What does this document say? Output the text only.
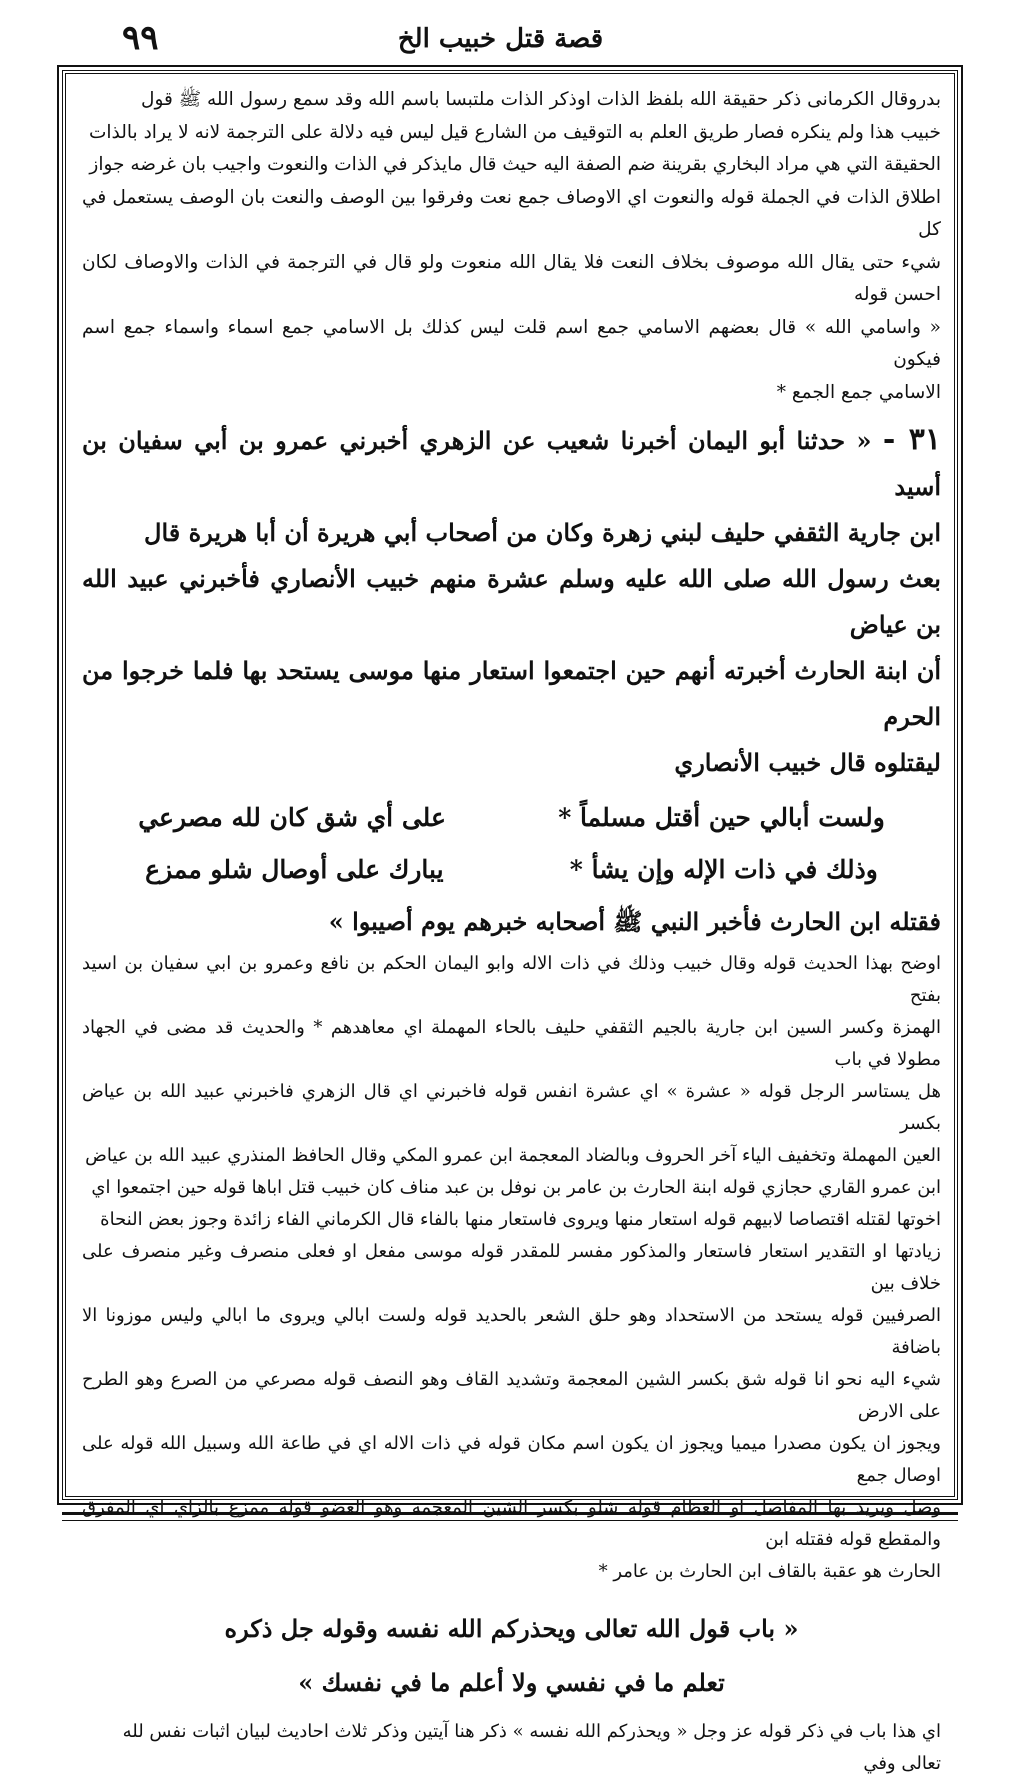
۹۹	قصة قتل خبيب الخ

بدروقال الكرمانی ذكر حقيقة الله بلفظ الذات اوذكر الذات ملتبسا باسم الله وقد سمع رسول الله ﷺ قول

خبيب هذا ولم ينكره فصار طريق العلم به التوقيف من الشارع قيل ليس فيه دلالة على الترجمة لانه لا يراد بالذات

الحقيقة التي هي مراد البخاري بقرينة ضم الصفة اليه حيث قال مايذكر في الذات والنعوت واجيب بان غرضه جواز

اطلاق الذات في الجملة قوله والنعوت اي الاوصاف جمع نعت وفرقوا بين الوصف والنعت بان الوصف يستعمل في كل

شيء حتى يقال الله موصوف بخلاف النعت فلا يقال الله منعوت ولو قال في الترجمة في الذات والاوصاف لكان احسن قوله

« واسامي الله » قال بعضهم الاسامي جمع اسم قلت ليس كذلك بل الاسامي جمع اسماء واسماء جمع اسم فيكون

الاسامي جمع الجمع *

٣١ - « حدثنا أبو اليمان أخبرنا شعيب عن الزهري أخبرني عمرو بن أبي سفيان بن أسيد
ابن جارية الثقفي حليف لبني زهرة وكان من أصحاب أبي هريرة أن أبا هريرة قال
بعث رسول الله صلى الله عليه وسلم عشرة منهم خبيب الأنصاري فأخبرني عبيد الله بن عياض
أن ابنة الحارث أخبرته أنهم حين اجتمعوا استعار منها موسى يستحد بها فلما خرجوا من الحرم
ليقتلوه قال خبيب الأنصاري
ولست أبالي حين أقتل مسلماً *
على أي شق كان لله مصرعي
وذلك في ذات الإله وإن يشأ *
يبارك على أوصال شلو ممزع
فقتله ابن الحارث فأخبر النبي ﷺ أصحابه خبرهم يوم أصيبوا »

اوضح بهذا الحديث قوله وقال خبيب وذلك في ذات الاله وابو اليمان الحكم بن نافع وعمرو بن ابي سفيان بن اسيد بفتح

الهمزة وكسر السين ابن جارية بالجيم الثقفي حليف بالحاء المهملة اي معاهدهم * والحديث قد مضى في الجهاد مطولا في باب

هل يستاسر الرجل قوله « عشرة » اي عشرة انفس قوله فاخبرني اي قال الزهري فاخبرني عبيد الله بن عياض بكسر

العين المهملة وتخفيف الياء آخر الحروف وبالضاد المعجمة ابن عمرو المكي وقال الحافظ المنذري عبيد الله بن عياض

ابن عمرو القاري حجازي قوله ابنة الحارث بن عامر بن نوفل بن عبد مناف كان خبيب قتل اباها قوله حين اجتمعوا اي

اخوتها لقتله اقتصاصا لابيهم قوله استعار منها ويروى فاستعار منها بالفاء قال الكرماني الفاء زائدة وجوز بعض النحاة

زيادتها او التقدير استعار فاستعار والمذكور مفسر للمقدر قوله موسى مفعل او فعلى منصرف وغير منصرف على خلاف بين

الصرفيين قوله يستحد من الاستحداد وهو حلق الشعر بالحديد قوله ولست ابالي ويروى ما ابالي وليس موزونا الا باضافة

شيء اليه نحو انا قوله شق بكسر الشين المعجمة وتشديد القاف وهو النصف قوله مصرعي من الصرع وهو الطرح على الارض

ويجوز ان يكون مصدرا ميميا ويجوز ان يكون اسم مكان قوله في ذات الاله اي في طاعة الله وسبيل الله قوله على اوصال جمع

وصل ويريد بها المفاصل او العظام قوله شلو بكسر الشين المعجمة وهو العضو قوله ممزع بالزاي اي المفرق والمقطع قوله فقتله ابن

الحارث هو عقبة بالقاف ابن الحارث بن عامر *

« باب قول الله تعالى ويحذركم الله نفسه وقوله جل ذكره
تعلم ما في نفسي ولا أعلم ما في نفسك »

اي هذا باب في ذكر قوله عز وجل « ويحذركم الله نفسه » ذكر هنا آيتين وذكر ثلاث احاديث لبيان اثبات نفس لله تعالى وفي
